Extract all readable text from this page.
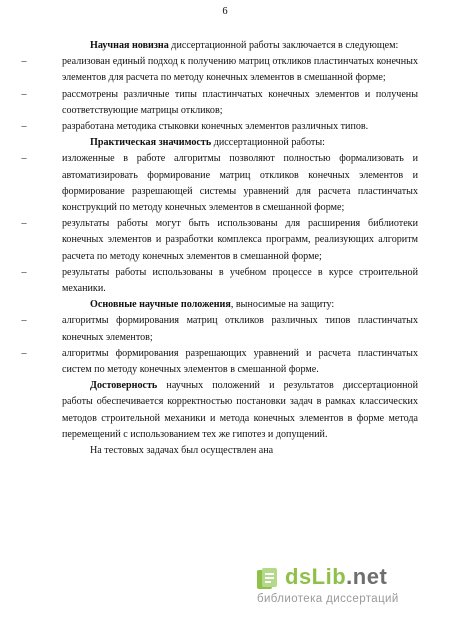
6

Научная новизна диссертационной работы заключается в следующем:

–	реализован единый подход к получению матриц откликов пластинчатых конечных элементов для расчета по методу конечных элементов в смешанной форме;
–	рассмотрены различные типы пластинчатых конечных элементов и получены соответствующие матрицы откликов;
–	разработана методика стыковки конечных элементов различных типов.

Практическая значимость диссертационной работы:

–	изложенные в работе алгоритмы позволяют полностью формализовать и автоматизировать формирование матриц откликов конечных элементов и формирование разрешающей системы уравнений для расчета пластинчатых конструкций по методу конечных элементов в смешанной форме;
–	результаты работы могут быть использованы для расширения библиотеки конечных элементов и разработки комплекса программ, реализующих алгоритм расчета по методу конечных элементов в смешанной форме;
–	результаты работы использованы в учебном процессе в курсе строительной механики.

Основные научные положения, выносимые на защиту:

–	алгоритмы формирования матриц откликов различных типов пластинчатых конечных элементов;
–	алгоритмы формирования разрешающих уравнений и расчета пластинчатых систем по методу конечных элементов в смешанной форме.

Достоверность научных положений и результатов диссертационной работы обеспечивается корректностью постановки задач в рамках классических методов строительной механики и метода конечных элементов в форме метода перемещений с использованием тех же гипотез и допущений.

На тестовых задачах был осуществлен ана

dsLib.net
библиотека диссертаций
